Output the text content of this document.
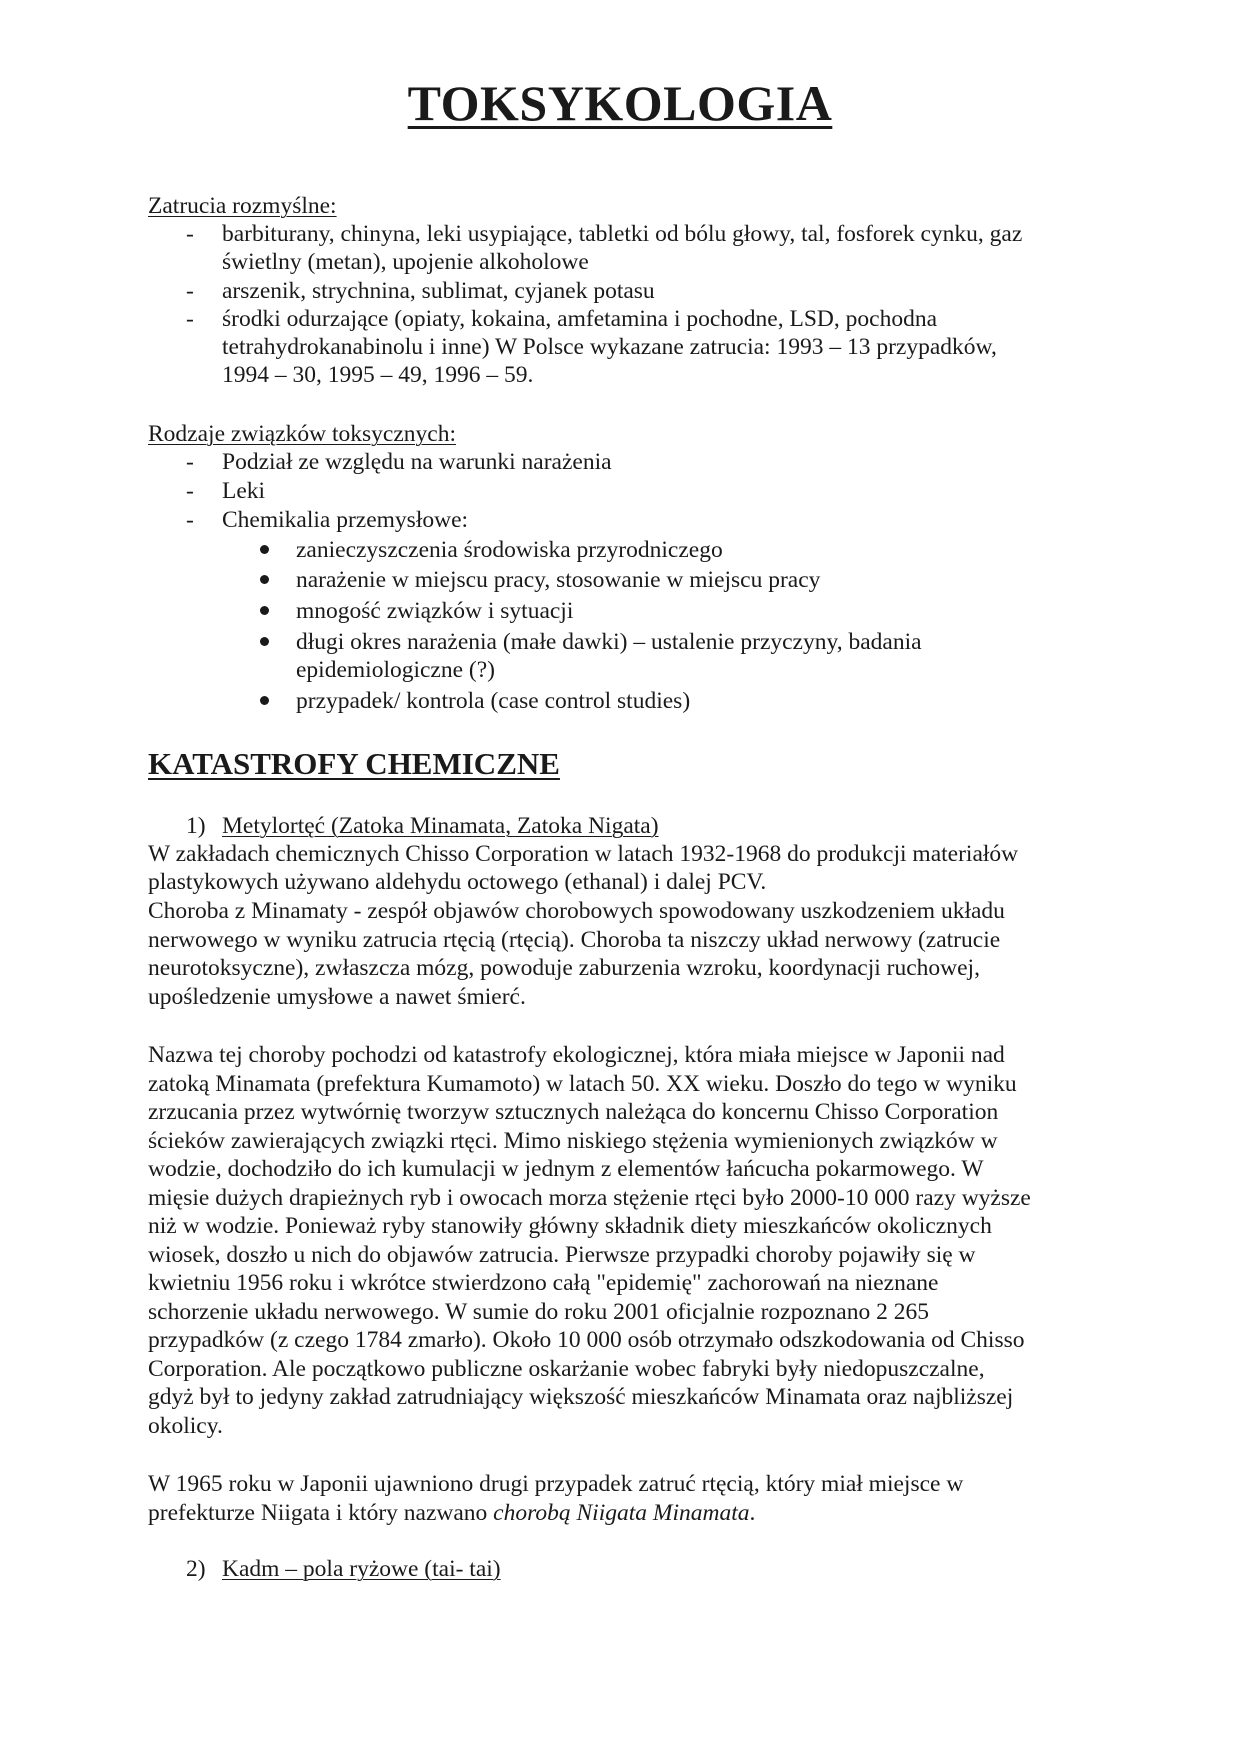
TOKSYKOLOGIA
Zatrucia rozmyślne:
- barbiturany, chinyna, leki usypiające, tabletki od bólu głowy, tal, fosforek cynku, gaz
świetlny (metan), upojenie alkoholowe
- arszenik, strychnina, sublimat, cyjanek potasu
- środki odurzające (opiaty, kokaina, amfetamina i pochodne, LSD, pochodna
tetrahydrokanabinolu i inne) W Polsce wykazane zatrucia: 1993 – 13 przypadków,
1994 – 30, 1995 – 49, 1996 – 59.
Rodzaje związków toksycznych:
- Podział ze względu na warunki narażenia
- Leki
- Chemikalia przemysłowe:
zanieczyszczenia środowiska przyrodniczego
narażenie w miejscu pracy, stosowanie w miejscu pracy
mnogość związków i sytuacji
długi okres narażenia (małe dawki) – ustalenie przyczyny, badania
epidemiologiczne (?)
przypadek/ kontrola (case control studies)
KATASTROFY CHEMICZNE
1) Metylortęć (Zatoka Minamata, Zatoka Nigata)
W zakładach chemicznych Chisso Corporation w latach 1932-1968 do produkcji materiałów
plastykowych używano aldehydu octowego (ethanal) i dalej PCV.
Choroba z Minamaty - zespół objawów chorobowych spowodowany uszkodzeniem układu
nerwowego w wyniku zatrucia rtęcią (rtęcią). Choroba ta niszczy układ nerwowy (zatrucie
neurotoksyczne), zwłaszcza mózg, powoduje zaburzenia wzroku, koordynacji ruchowej,
upośledzenie umysłowe a nawet śmierć.
Nazwa tej choroby pochodzi od katastrofy ekologicznej, która miała miejsce w Japonii nad
zatoką Minamata (prefektura Kumamoto) w latach 50. XX wieku. Doszło do tego w wyniku
zrzucania przez wytwórnię tworzyw sztucznych należąca do koncernu Chisso Corporation
ścieków zawierających związki rtęci. Mimo niskiego stężenia wymienionych związków w
wodzie, dochodziło do ich kumulacji w jednym z elementów łańcucha pokarmowego. W
mięsie dużych drapieżnych ryb i owocach morza stężenie rtęci było 2000-10 000 razy wyższe
niż w wodzie. Ponieważ ryby stanowiły główny składnik diety mieszkańców okolicznych
wiosek, doszło u nich do objawów zatrucia. Pierwsze przypadki choroby pojawiły się w
kwietniu 1956 roku i wkrótce stwierdzono całą "epidemię" zachorowań na nieznane
schorzenie układu nerwowego. W sumie do roku 2001 oficjalnie rozpoznano 2 265
przypadków (z czego 1784 zmarło). Około 10 000 osób otrzymało odszkodowania od Chisso
Corporation. Ale początkowo publiczne oskarżanie wobec fabryki były niedopuszczalne,
gdyż był to jedyny zakład zatrudniający większość mieszkańców Minamata oraz najbliższej
okolicy.
W 1965 roku w Japonii ujawniono drugi przypadek zatruć rtęcią, który miał miejsce w
prefekturze Niigata i który nazwano chorobą Niigata Minamata.
2) Kadm – pola ryżowe (tai- tai)
